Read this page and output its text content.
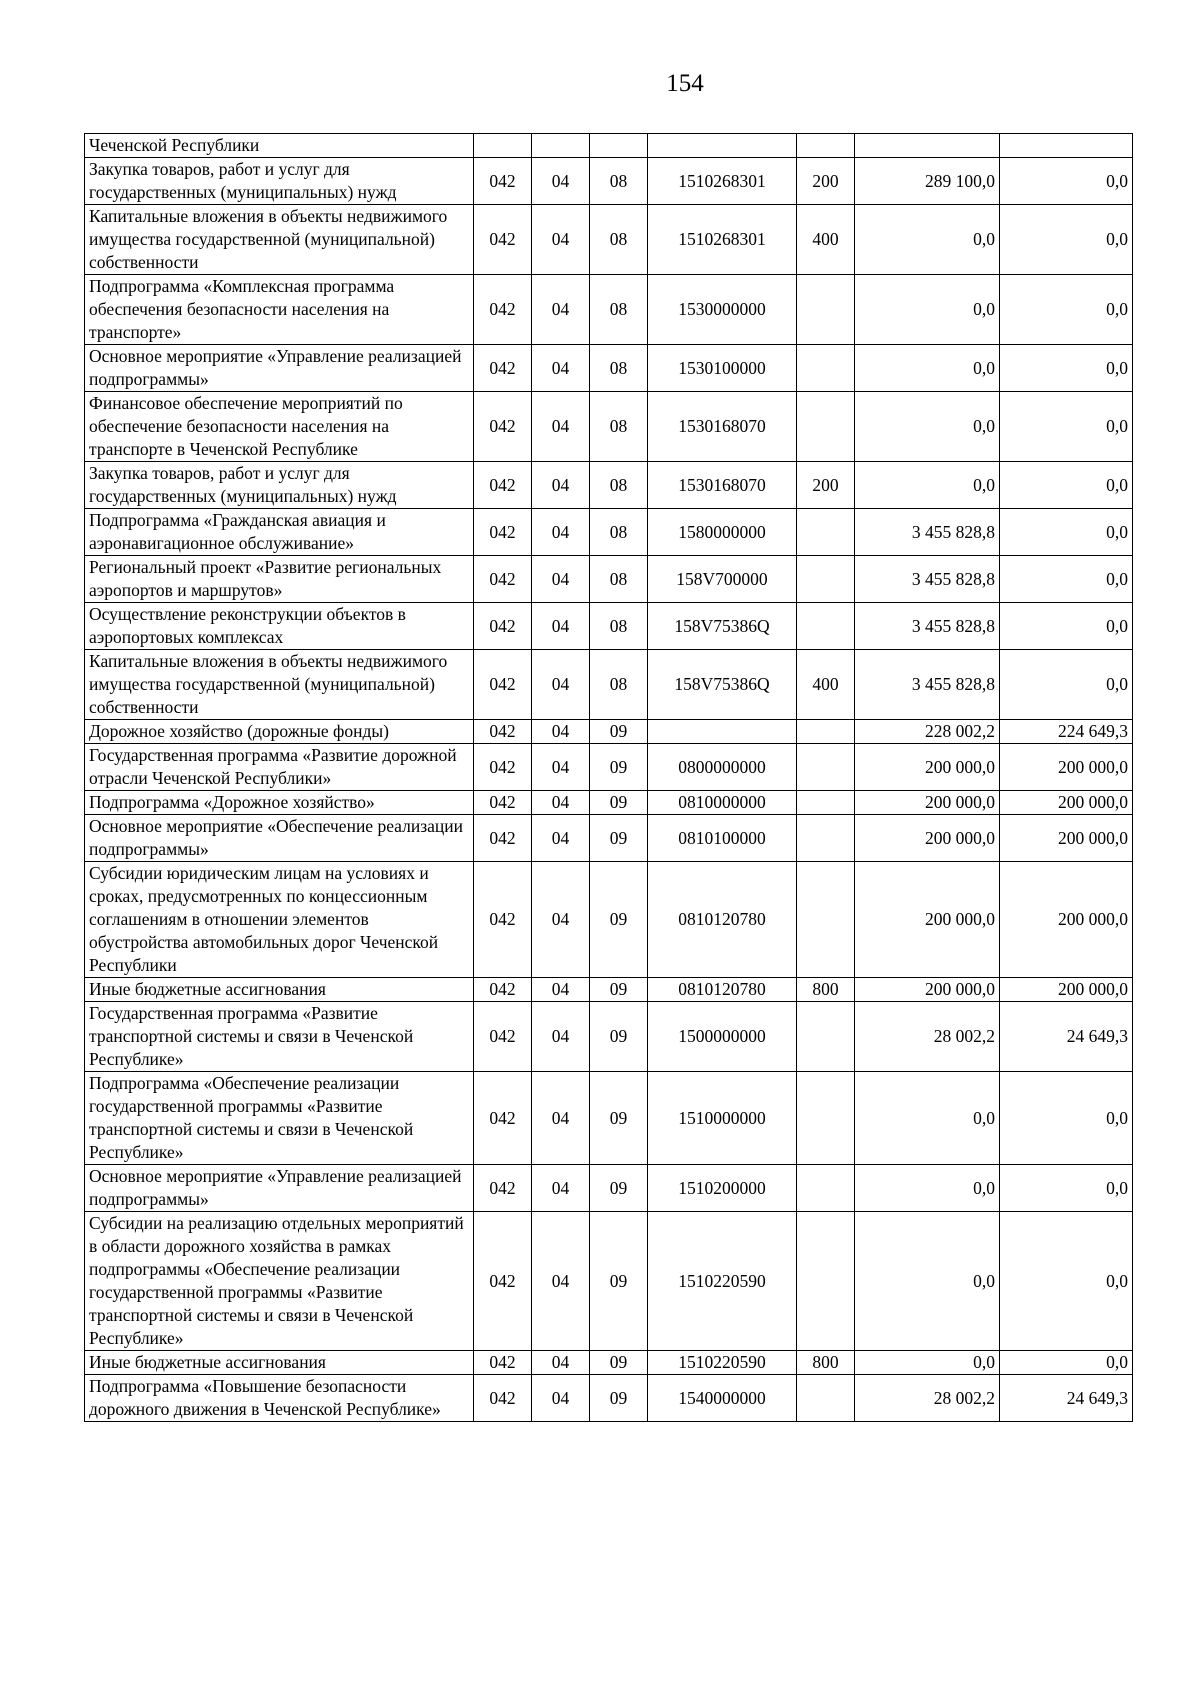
154
Чеченской Республики							
Закупка товаров, работ и услуг для государственных (муниципальных) нужд	042	04	08	1510268301	200	289 100,0	0,0
Капитальные вложения в объекты недвижимого имущества государственной (муниципальной) собственности	042	04	08	1510268301	400	0,0	0,0
Подпрограмма «Комплексная программа обеспечения безопасности населения на транспорте»	042	04	08	1530000000		0,0	0,0
Основное мероприятие «Управление реализацией подпрограммы»	042	04	08	1530100000		0,0	0,0
Финансовое обеспечение мероприятий по обеспечение безопасности населения на транспорте в Чеченской Республике	042	04	08	1530168070		0,0	0,0
Закупка товаров, работ и услуг для государственных (муниципальных) нужд	042	04	08	1530168070	200	0,0	0,0
Подпрограмма «Гражданская авиация и аэронавигационное обслуживание»	042	04	08	1580000000		3 455 828,8	0,0
Региональный проект «Развитие региональных аэропортов и маршрутов»	042	04	08	158V700000		3 455 828,8	0,0
Осуществление реконструкции объектов в аэропортовых комплексах	042	04	08	158V75386Q		3 455 828,8	0,0
Капитальные вложения в объекты недвижимого имущества государственной (муниципальной) собственности	042	04	08	158V75386Q	400	3 455 828,8	0,0
Дорожное хозяйство (дорожные фонды)	042	04	09			228 002,2	224 649,3
Государственная программа «Развитие дорожной отрасли Чеченской Республики»	042	04	09	0800000000		200 000,0	200 000,0
Подпрограмма «Дорожное хозяйство»	042	04	09	0810000000		200 000,0	200 000,0
Основное мероприятие «Обеспечение реализации подпрограммы»	042	04	09	0810100000		200 000,0	200 000,0
Субсидии юридическим лицам на условиях и сроках, предусмотренных по концессионным соглашениям в отношении элементов обустройства автомобильных дорог Чеченской Республики	042	04	09	0810120780		200 000,0	200 000,0
Иные бюджетные ассигнования	042	04	09	0810120780	800	200 000,0	200 000,0
Государственная программа «Развитие транспортной системы и связи в Чеченской Республике»	042	04	09	1500000000		28 002,2	24 649,3
Подпрограмма «Обеспечение реализации государственной программы «Развитие транспортной системы и связи в Чеченской Республике»	042	04	09	1510000000		0,0	0,0
Основное мероприятие «Управление реализацией подпрограммы»	042	04	09	1510200000		0,0	0,0
Субсидии на реализацию отдельных мероприятий в области дорожного хозяйства в рамках подпрограммы «Обеспечение реализации государственной программы «Развитие транспортной системы и связи в Чеченской Республике»	042	04	09	1510220590		0,0	0,0
Иные бюджетные ассигнования	042	04	09	1510220590	800	0,0	0,0
Подпрограмма «Повышение безопасности дорожного движения в Чеченской Республике»	042	04	09	1540000000		28 002,2	24 649,3
